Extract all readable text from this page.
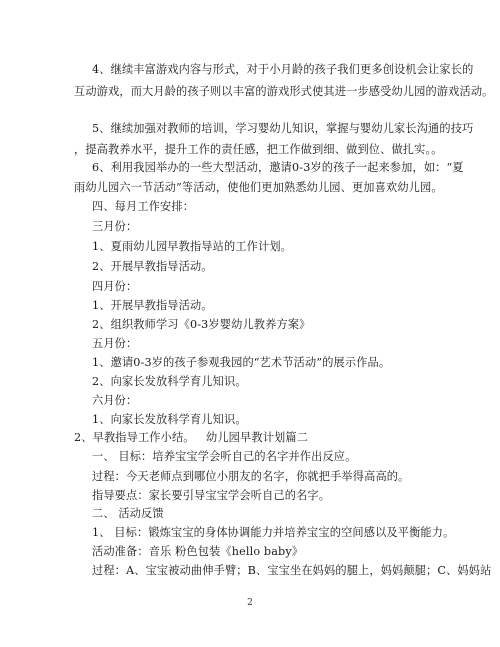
4、继续丰富游戏内容与形式，对于小月龄的孩子我们更多创设机会让家长的
互动游戏，而大月龄的孩子则以丰富的游戏形式使其进一步感受幼儿园的游戏活动。
5、继续加强对教师的培训，学习婴幼儿知识，掌握与婴幼儿家长沟通的技巧
，提高教养水平，提升工作的责任感，把工作做到细、做到位、做扎实。。
6、利用我园举办的一些大型活动，邀请0-3岁的孩子一起来参加，如：“夏
雨幼儿园六一节活动”等活动，使他们更加熟悉幼儿园、更加喜欢幼儿园。
四、每月工作安排：
三月份：
1、夏雨幼儿园早教指导站的工作计划。
2、开展早教指导活动。
四月份：
1、开展早教指导活动。
2、组织教师学习《0-3岁婴幼儿教养方案》
五月份：
1、邀请0-3岁的孩子参观我园的“艺术节活动”的展示作品。
2、向家长发放科学育儿知识。
六月份：
1、向家长发放科学育儿知识。
2、早教指导工作小结。 幼儿园早教计划篇二
一、 目标：培养宝宝学会听自己的名字并作出反应。
过程：今天老师点到哪位小朋友的名字，你就把手举得高高的。
指导要点：家长要引导宝宝学会听自己的名字。
二、 活动反馈
1、 目标：锻炼宝宝的身体协调能力并培养宝宝的空间感以及平衡能力。
活动准备：音乐 粉色包装《hello baby》
过程：A、宝宝被动曲伸手臂；B、宝宝坐在妈妈的腿上，妈妈颠腿；C、妈妈站
2
